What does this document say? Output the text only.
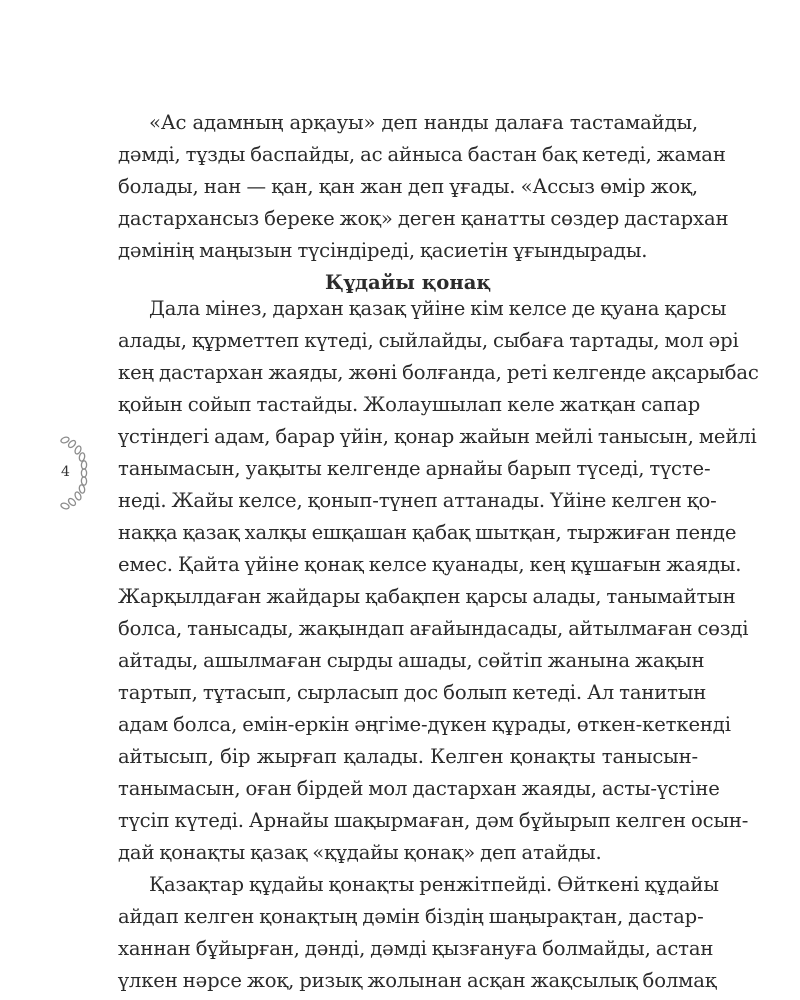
«Ас адамның арқауы» деп нанды далаға тастамайды,
дәмді, тұзды баспайды, ас айныса бастан бақ кетеді, жаман
болады, нан — қан, қан жан деп ұғады. «Ассыз өмір жоқ,
дастархансыз береке жоқ» деген қанатты сөздер дастархан
дәмінің маңызын түсіндіреді, қасиетін ұғындырады.
Құдайы қонақ
Дала мінез, дархан қазақ үйіне кім келсе де қуана қарсы
алады, құрметтеп күтеді, сыйлайды, сыбаға тартады, мол әрі
кең дастархан жаяды, жөні болғанда, реті келгенде ақсарыбас
қойын сойып тастайды. Жолаушылап келе жатқан сапар
үстіндегі адам, барар үйін, қонар жайын мейлі танысын, мейлі
танымасын, уақыты келгенде арнайы барып түседі, түсте-
неді. Жайы келсе, қонып-түнеп аттанады. Үйіне келген қо-
наққа қазақ халқы ешқашан қабақ шытқан, тыржиған пенде
емес. Қайта үйіне қонақ келсе қуанады, кең құшағын жаяды.
Жарқылдаған жайдары қабақпен қарсы алады, танымайтын
болса, танысады, жақындап ағайындасады, айтылмаған сөзді
айтады, ашылмаған сырды ашады, сөйтіп жанына жақын
тартып, тұтасып, сырласып дос болып кетеді. Ал танитын
адам болса, емін-еркін әңгіме-дүкен құрады, өткен-кеткенді
айтысып, бір жырғап қалады. Келген қонақты танысын-
танымасын, оған бірдей мол дастархан жаяды, асты-үстіне
түсіп күтеді. Арнайы шақырмаған, дәм бұйырып келген осын-
дай қонақты қазақ «құдайы қонақ» деп атайды.
Қазақтар құдайы қонақты ренжітпейді. Өйткені құдайы
айдап келген қонақтың дәмін біздің шаңырақтан, дастар-
ханнан бұйырған, дәнді, дәмді қызғануға болмайды, астан
үлкен нәрсе жоқ, ризық жолынан асқан жақсылық болмақ
4
